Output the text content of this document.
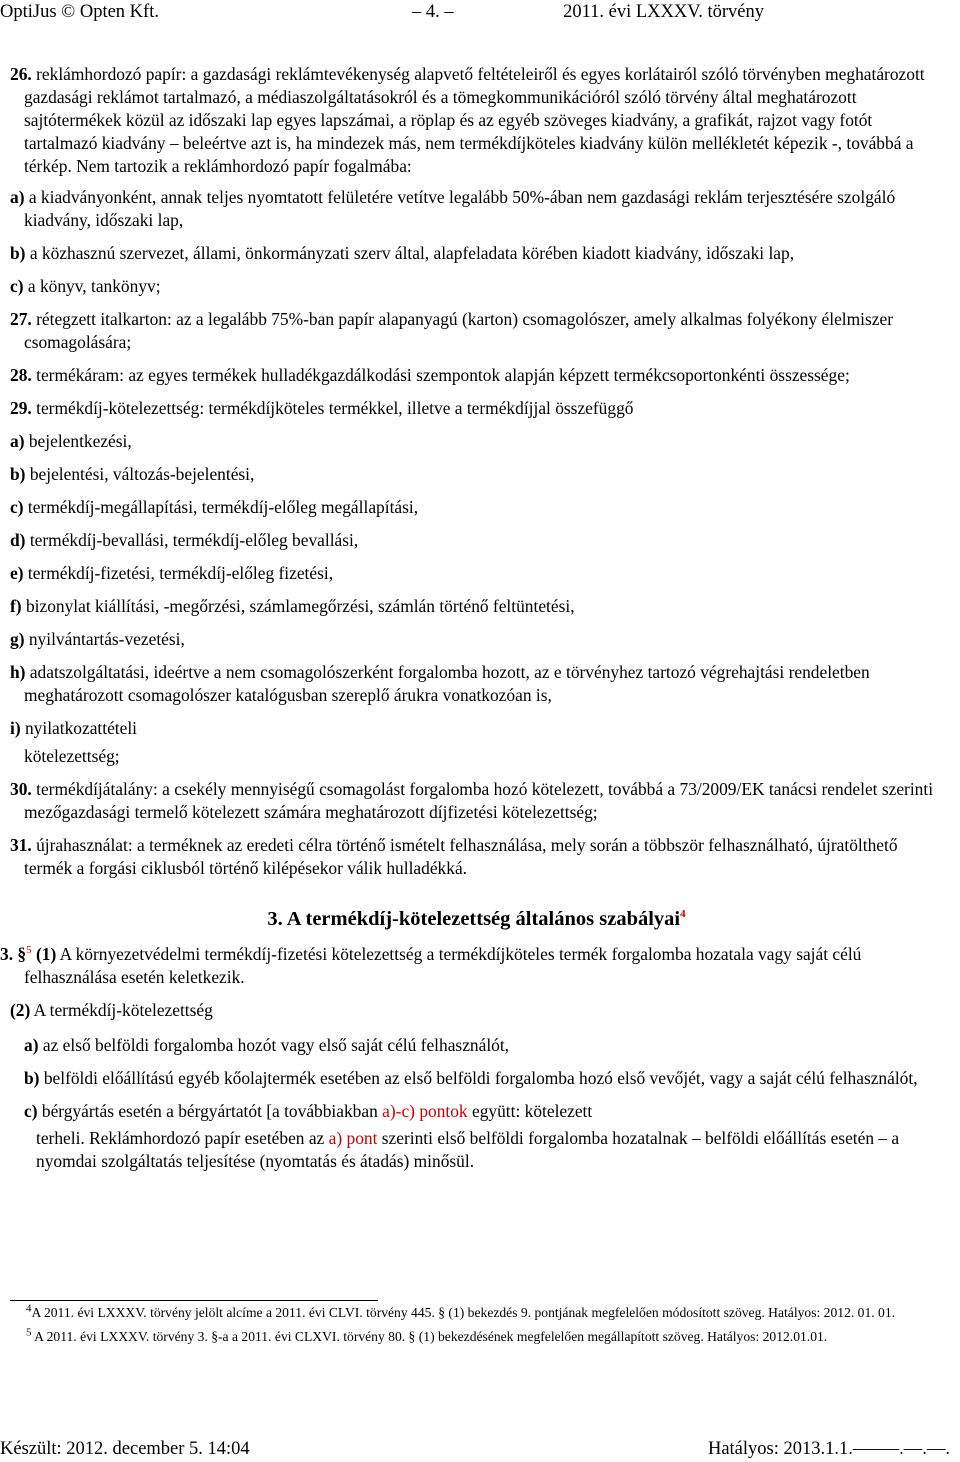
OptiJus © Opten Kft.	– 4. –	2011. évi LXXXV. törvény
26. reklámhordozó papír: a gazdasági reklámtevékenység alapvető feltételeiről és egyes korlátairól szóló törvényben meghatározott gazdasági reklámot tartalmazó, a médiaszolgáltatásokról és a tömegkommunikációról szóló törvény által meghatározott sajtótermékek közül az időszaki lap egyes lapszámai, a röplap és az egyéb szöveges kiadvány, a grafikát, rajzot vagy fotót tartalmazó kiadvány – beleértve azt is, ha mindezek más, nem termékdíjköteles kiadvány külön mellékletét képezik -, továbbá a térkép. Nem tartozik a reklámhordozó papír fogalmába:
a) a kiadványonként, annak teljes nyomtatott felületére vetítve legalább 50%-ában nem gazdasági reklám terjesztésére szolgáló kiadvány, időszaki lap,
b) a közhasznú szervezet, állami, önkormányzati szerv által, alapfeladata körében kiadott kiadvány, időszaki lap,
c) a könyv, tankönyv;
27. rétegzett italkarton: az a legalább 75%-ban papír alapanyagú (karton) csomagolószer, amely alkalmas folyékony élelmiszer csomagolására;
28. termékáram: az egyes termékek hulladékgazdálkodási szempontok alapján képzett termékcsoportonkénti összessége;
29. termékdíj-kötelezettség: termékdíjköteles termékkel, illetve a termékdíjjal összefüggő
a) bejelentkezési,
b) bejelentési, változás-bejelentési,
c) termékdíj-megállapítási, termékdíj-előleg megállapítási,
d) termékdíj-bevallási, termékdíj-előleg bevallási,
e) termékdíj-fizetési, termékdíj-előleg fizetési,
f) bizonylat kiállítási, -megőrzési, számlamegőrzési, számlán történő feltüntetési,
g) nyilvántartás-vezetési,
h) adatszolgáltatási, ideértve a nem csomagolószerként forgalomba hozott, az e törvényhez tartozó végrehajtási rendeletben meghatározott csomagolószer katalógusban szereplő árukra vonatkozóan is,
i) nyilatkozattételi
kötelezettség;
30. termékdíjátalány: a csekély mennyiségű csomagolást forgalomba hozó kötelezett, továbbá a 73/2009/EK tanácsi rendelet szerinti mezőgazdasági termelő kötelezett számára meghatározott díjfizetési kötelezettség;
31. újrahasználat: a terméknek az eredeti célra történő ismételt felhasználása, mely során a többször felhasználható, újratölthető termék a forgási ciklusból történő kilépésekor válik hulladékká.
3. A termékdíj-kötelezettség általános szabályai$^4$
3. §$^5$ (1) A környezetvédelmi termékdíj-fizetési kötelezettség a termékdíjköteles termék forgalomba hozatala vagy saját célú felhasználása esetén keletkezik.
(2) A termékdíj-kötelezettség
a) az első belföldi forgalomba hozót vagy első saját célú felhasználót,
b) belföldi előállítású egyéb kőolajtermék esetében az első belföldi forgalomba hozó első vevőjét, vagy a saját célú felhasználót,
c) bérgyártás esetén a bérgyártatót [a továbbiakban a)-c) pontok együtt: kötelezett
terheli. Reklámhordozó papír esetében az a) pont szerinti első belföldi forgalomba hozatalnak – belföldi előállítás esetén – a nyomdai szolgáltatás teljesítése (nyomtatás és átadás) minősül.
$^4$A 2011. évi LXXXV. törvény jelölt alcíme a 2011. évi CLVI. törvény 445. § (1) bekezdés 9. pontjának megfelelően módosított szöveg. Hatályos: 2012. 01. 01.
$^5$ A 2011. évi LXXXV. törvény 3. §-a a 2011. évi CLXVI. törvény 80. § (1) bekezdésének megfelelően megállapított szöveg. Hatályos: 2012.01.01.
Készült: 2012. december 5. 14:04	Hatályos: 2013.1.1.–––––.––.––.
